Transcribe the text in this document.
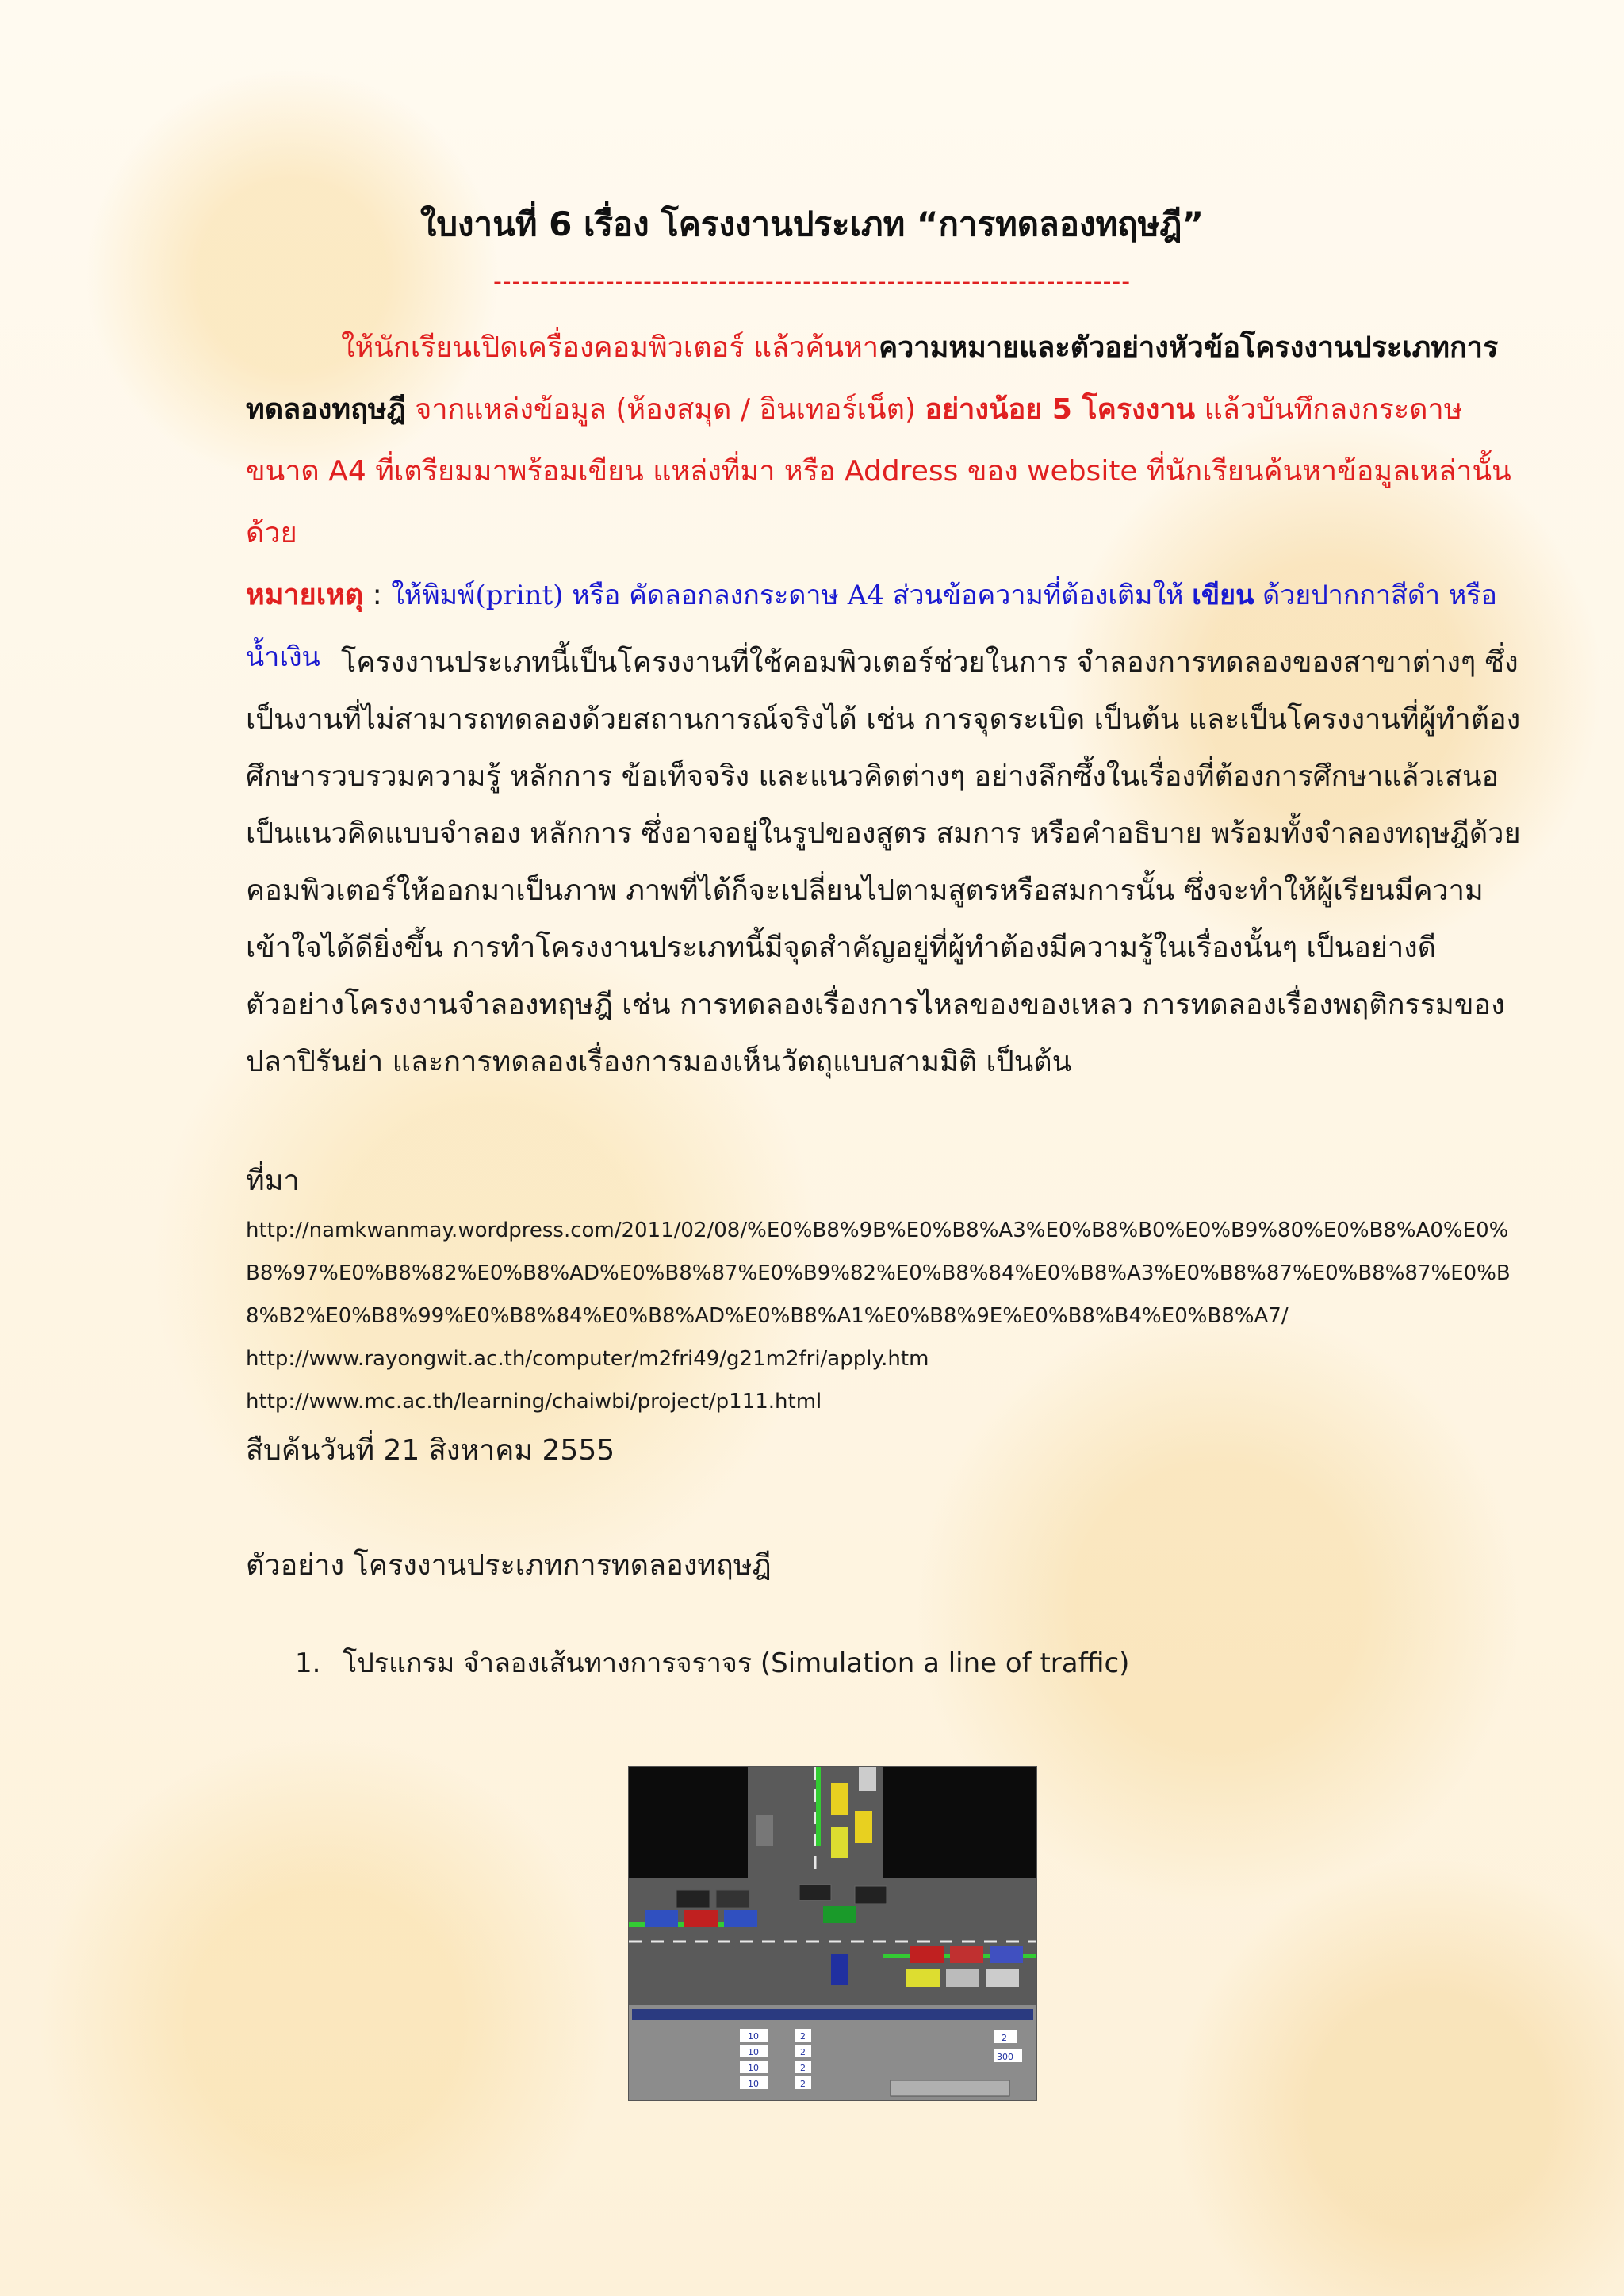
ใบงานที่ 6 เรื่อง โครงงานประเภท “การทดลองทฤษฎี”
--------------------------------------------------------------------
ให้นักเรียนเปิดเครื่องคอมพิวเตอร์ แล้วค้นหาความหมายและตัวอย่างหัวข้อโครงงานประเภทการทดลองทฤษฎี จากแหล่งข้อมูล (ห้องสมุด / อินเทอร์เน็ต) อย่างน้อย 5 โครงงาน แล้วบันทึกลงกระดาษขนาด A4 ที่เตรียมมาพร้อมเขียน แหล่งที่มา หรือ Address ของ website ที่นักเรียนค้นหาข้อมูลเหล่านั้นด้วย
หมายเหตุ : ให้พิมพ์(print) หรือ คัดลอกลงกระดาษ A4 ส่วนข้อความที่ต้องเติมให้ เขียน ด้วยปากกาสีดำ หรือ น้ำเงิน โครงงานประเภทนี้เป็นโครงงานที่ใช้คอมพิวเตอร์ช่วยในการ จำลองการทดลองของสาขาต่างๆ ซึ่งเป็นงานที่ไม่สามารถทดลองด้วยสถานการณ์จริงได้ เช่น การจุดระเบิด เป็นต้น และเป็นโครงงานที่ผู้ทำต้องศึกษารวบรวมความรู้ หลักการ ข้อเท็จจริง และแนวคิดต่างๆ อย่างลึกซึ้งในเรื่องที่ต้องการศึกษาแล้วเสนอเป็นแนวคิดแบบจำลอง หลักการ ซึ่งอาจอยู่ในรูปของสูตร สมการ หรือคำอธิบาย พร้อมทั้งจำลองทฤษฎีด้วยคอมพิวเตอร์ให้ออกมาเป็นภาพ ภาพที่ได้ก็จะเปลี่ยนไปตามสูตรหรือสมการนั้น ซึ่งจะทำให้ผู้เรียนมีความเข้าใจได้ดียิ่งขึ้น การทำโครงงานประเภทนี้มีจุดสำคัญอยู่ที่ผู้ทำต้องมีความรู้ในเรื่องนั้นๆ เป็นอย่างดี ตัวอย่างโครงงานจำลองทฤษฎี เช่น การทดลองเรื่องการไหลของของเหลว การทดลองเรื่องพฤติกรรมของปลาปิรันย่า และการทดลองเรื่องการมองเห็นวัตถุแบบสามมิติ เป็นต้น
ที่มา
http://namkwanmay.wordpress.com/2011/02/08/%E0%B8%9B%E0%B8%A3%E0%B8%B0%E0%B9%80%E0%B8%A0%E0%B8%97%E0%B8%82%E0%B8%AD%E0%B8%87%E0%B9%82%E0%B8%84%E0%B8%A3%E0%B8%87%E0%B8%87%E0%B8%B2%E0%B8%99%E0%B8%84%E0%B8%AD%E0%B8%A1%E0%B8%9E%E0%B8%B4%E0%B8%A7/
http://www.rayongwit.ac.th/computer/m2fri49/g21m2fri/apply.htm
http://www.mc.ac.th/learning/chaiwbi/project/p111.html
สืบค้นวันที่ 21 สิงหาคม 2555
ตัวอย่าง โครงงานประเภทการทดลองทฤษฎี
1. โปรแกรม จำลองเส้นทางการจราจร (Simulation a line of traffic)
10
10
10
10
2
2
2
2
2
300
